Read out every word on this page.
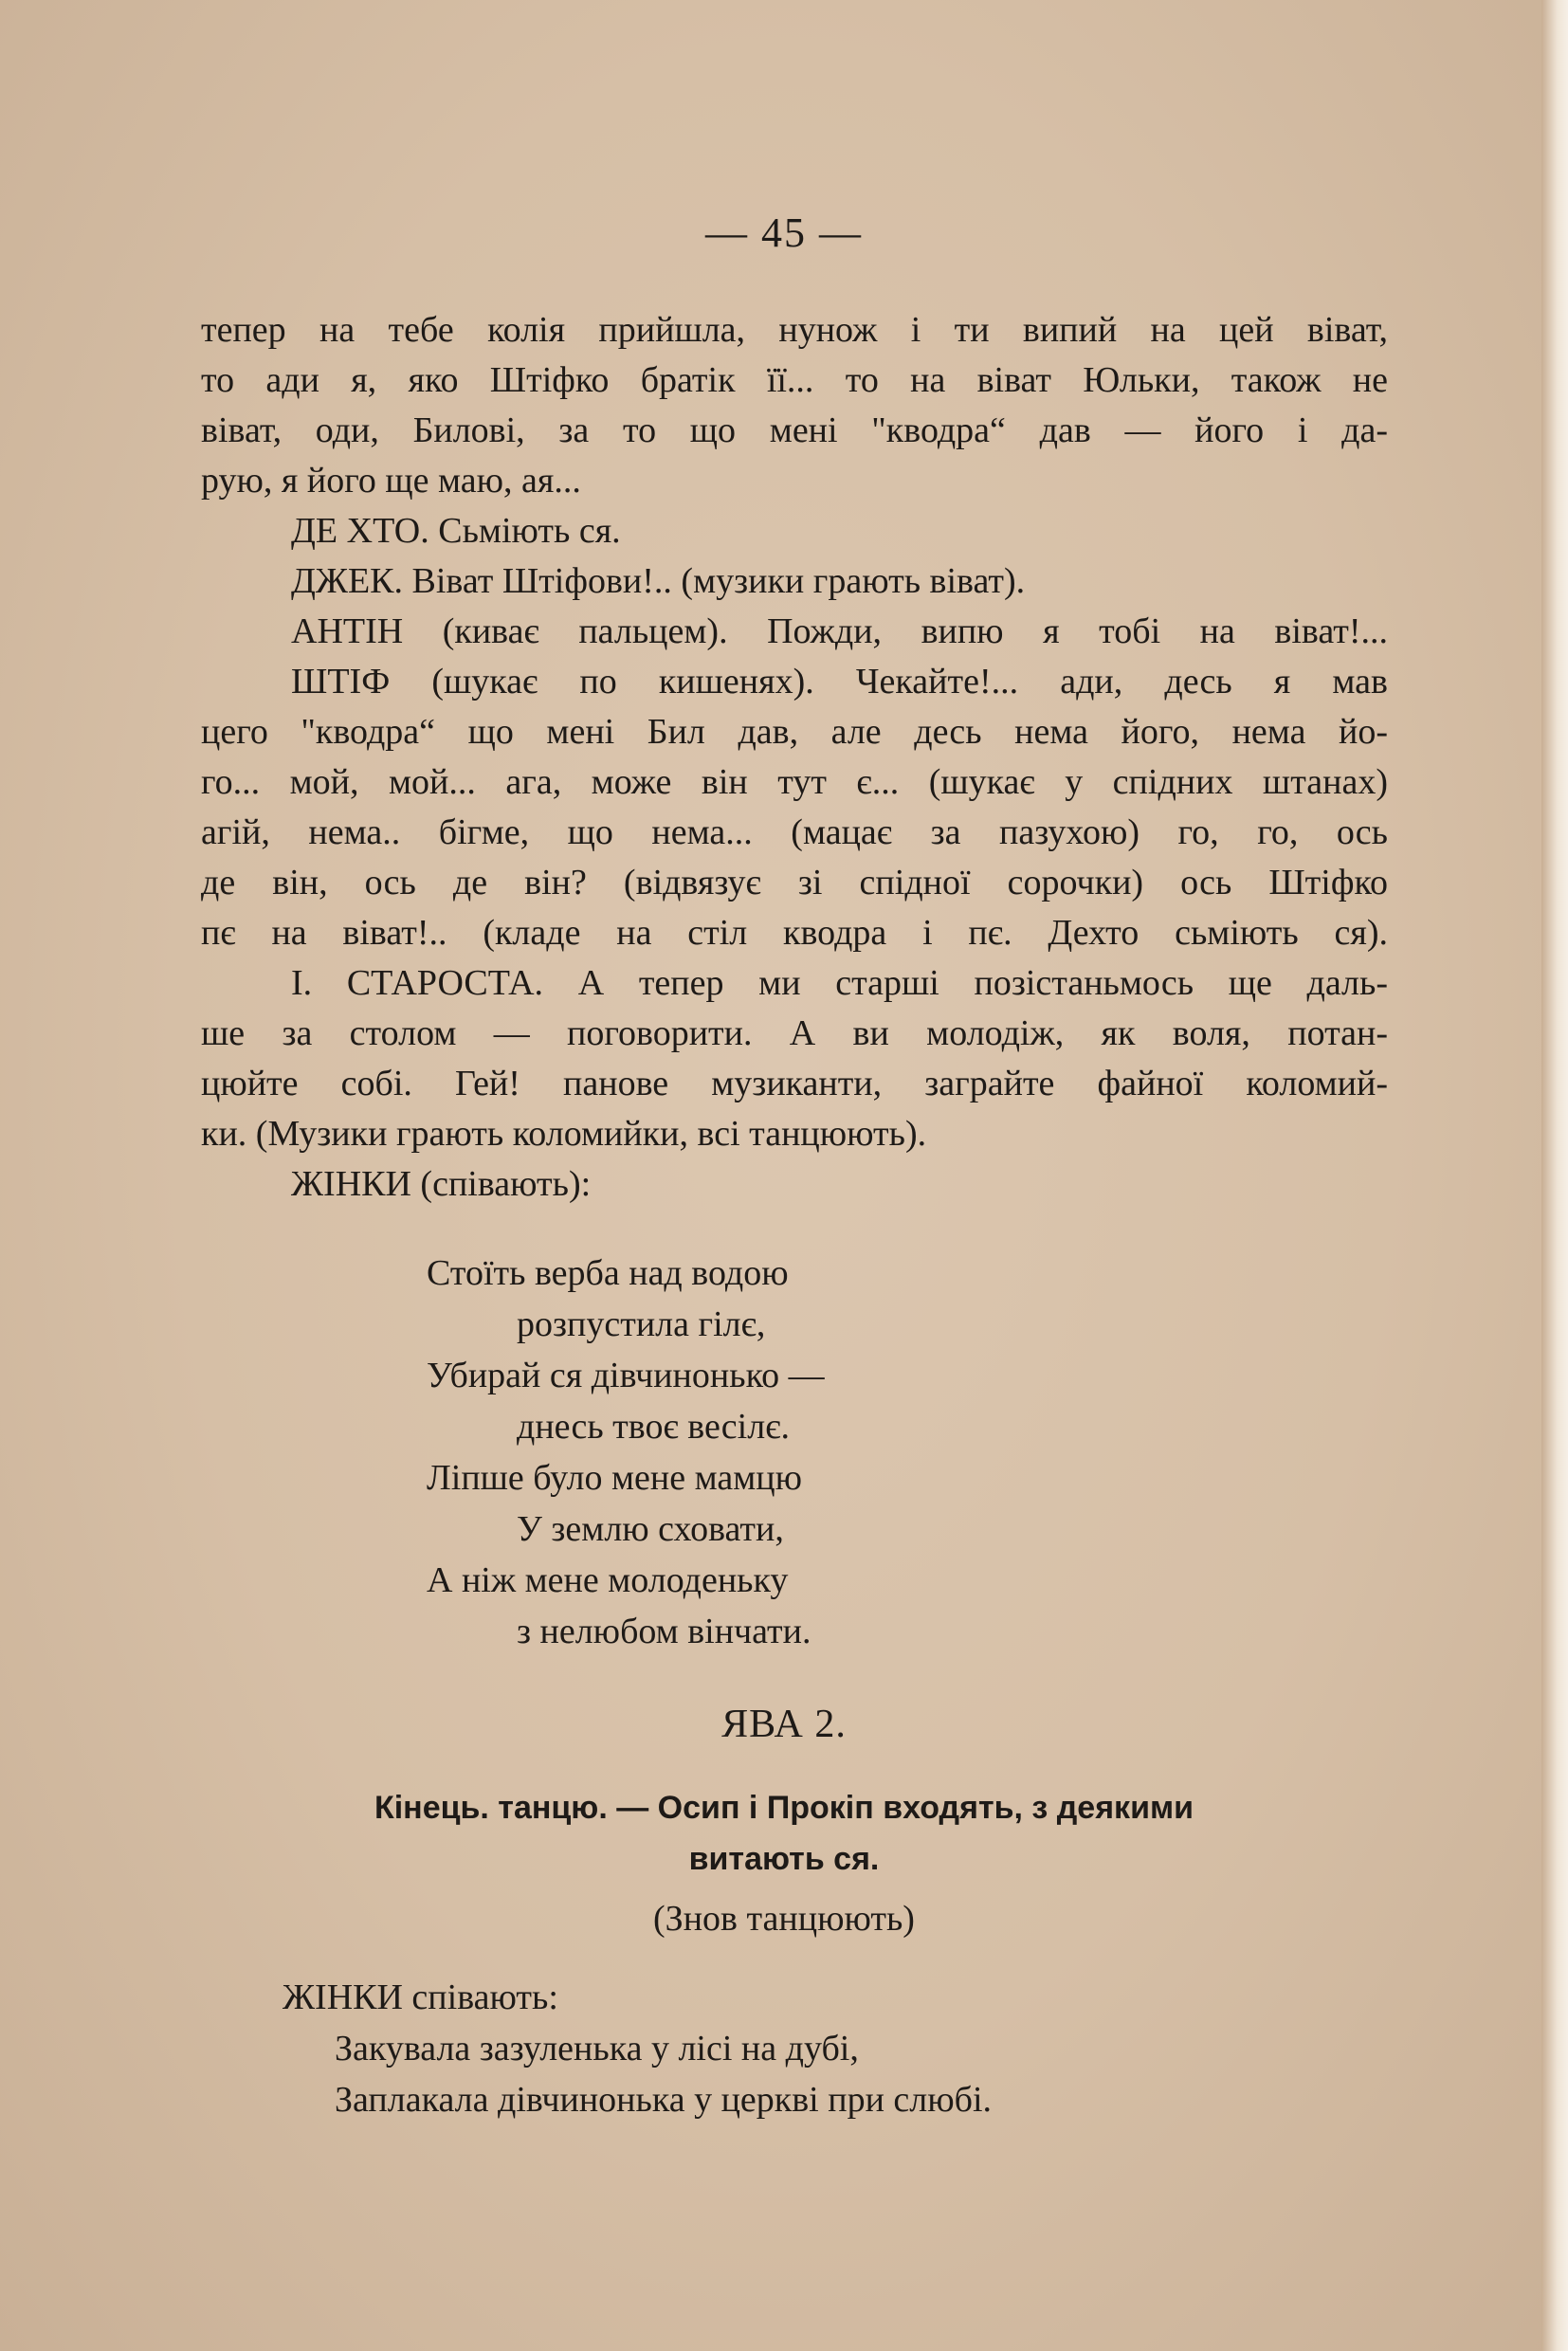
— 45 —
тепер на тебе колія прийшла, нунож і ти випий на цей віват,
то ади я, яко Штіфко братік її... то на віват Юльки, також не
віват, оди, Билові, за то що мені "кводра“ дав — його і да-
рую, я його ще маю, ая...
ДЕ ХТО. Сьміють ся.
ДЖЕК. Віват Штіфови!.. (музики грають віват).
АНТІН (киває пальцем). Пожди, випю я тобі на віват!...
ШТІФ (шукає по кишенях). Чекайте!... ади, десь я мав
цего "кводра“ що мені Бил дав, але десь нема його, нема йо-
го... мой, мой... ага, може він тут є... (шукає у спідних штанах)
агій, нема.. бігме, що нема... (мацає за пазухою) го, го, ось
де він, ось де він? (відвязує зі спідної сорочки) ось Штіфко
пє на віват!.. (кладе на стіл кводра і пє. Дехто сьміють ся).
І. СТАРОСТА. А тепер ми старші позістаньмось ще даль-
ше за столом — поговорити. А ви молодіж, як воля, потан-
цюйте собі. Гей! панове музиканти, заграйте файної коломий-
ки. (Музики грають коломийки, всі танцюють).
ЖІНКИ (співають):
Стоїть верба над водою
розпустила гілє,
Убирай ся дівчинонько —
днесь твоє весілє.
Ліпше було мене мамцю
У землю сховати,
А ніж мене молоденьку
з нелюбом вінчати.
ЯВА 2.
Кінець. танцю. — Осип і Прокіп входять, з деякими
витають ся.
(Знов танцюють)
ЖІНКИ співають:
Закувала зазуленька у лісі на дубі,
Заплакала дівчинонька у церкві при слюбі.
